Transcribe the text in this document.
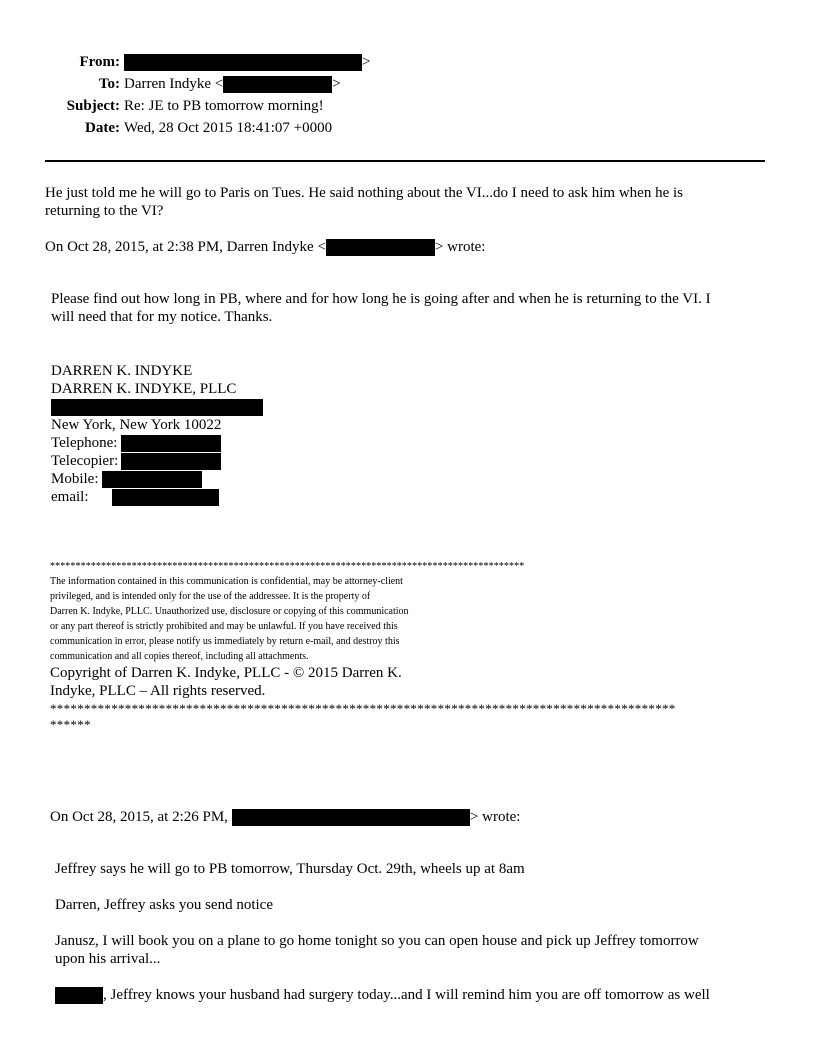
From:	>
To: Darren Indyke <	>
Subject: Re: JE to PB tomorrow morning!
Date: Wed, 28 Oct 2015 18:41:07 +0000
He just told me he will go to Paris on Tues. He said nothing about the VI...do I need to ask him when he is
returning to the VI?
On Oct 28, 2015, at 2:38 PM, Darren Indyke <	> wrote:
Please find out how long in PB, where and for how long he is going after and when he is returning to the VI. I
will need that for my notice. Thanks.
DARREN K. INDYKE
DARREN K. INDYKE, PLLC
New York, New York 10022
Telephone:
Telecopier:
Mobile:
email:
*********************************************************************************************
The information contained in this communication is confidential, may be attorney-client
privileged, and is intended only for the use of the addressee. It is the property of
Darren K. Indyke, PLLC. Unauthorized use, disclosure or copying of this communication
or any part thereof is strictly prohibited and may be unlawful. If you have received this
communication in error, please notify us immediately by return e-mail, and destroy this
communication and all copies thereof, including all attachments.
Copyright of Darren K. Indyke, PLLC - © 2015 Darren K.
Indyke, PLLC – All rights reserved.
********************************************************************************************
******
On Oct 28, 2015, at 2:26 PM,	> wrote:
Jeffrey says he will go to PB tomorrow, Thursday Oct. 29th, wheels up at 8am
Darren, Jeffrey asks you send notice
Janusz, I will book you on a plane to go home tonight so you can open house and pick up Jeffrey tomorrow
upon his arrival...
, Jeffrey knows your husband had surgery today...and I will remind him you are off tomorrow as well
